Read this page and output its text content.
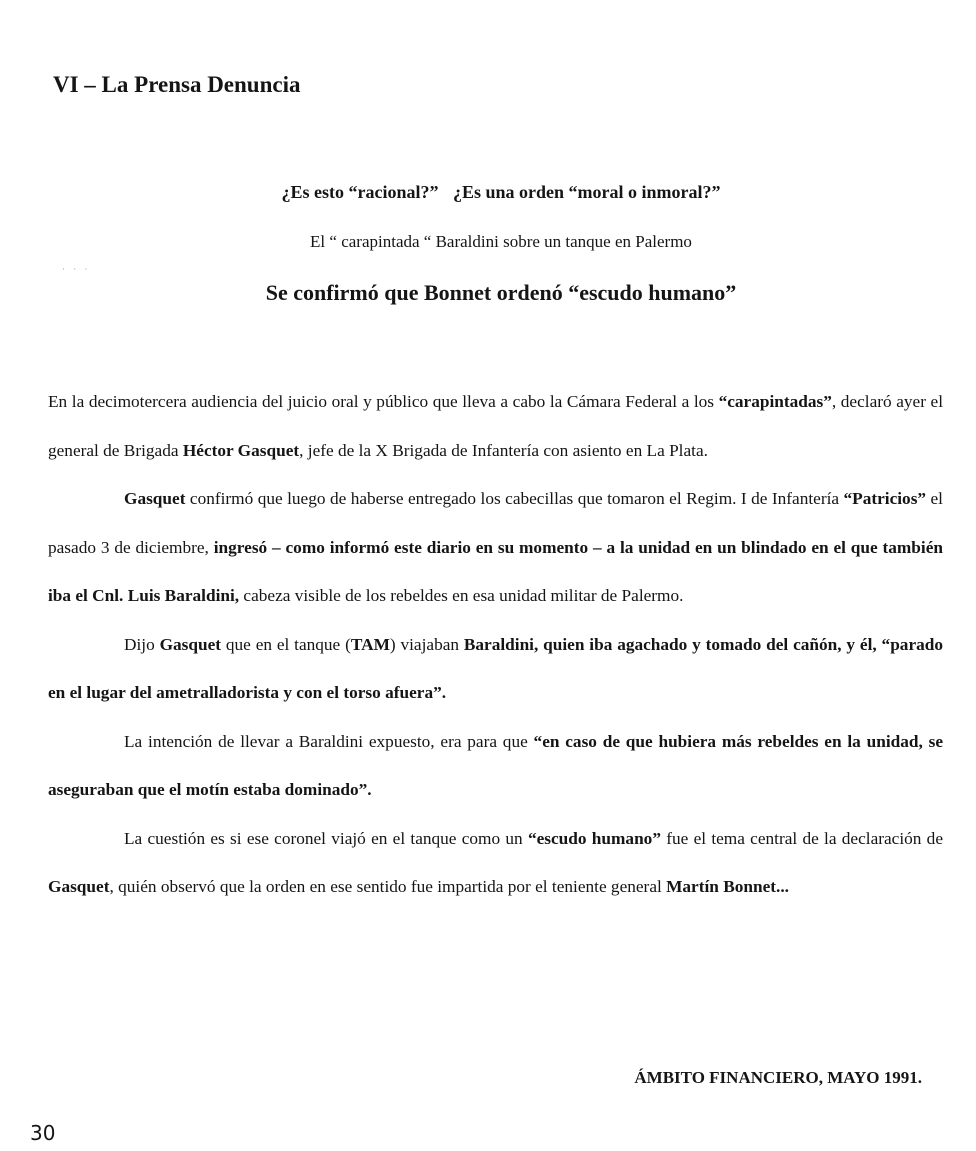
VI – La Prensa Denuncia
· · ·

¿Es esto “racional?” ¿Es una orden “moral o inmoral?”

El “ carapintada “ Baraldini sobre un tanque en Palermo

Se confirmó que Bonnet ordenó “escudo humano”

En la decimotercera audiencia del juicio oral y público que lleva a cabo la Cámara Federal a los “carapintadas”, declaró ayer el general de Brigada Héctor Gasquet, jefe de la X Brigada de Infantería con asiento en La Plata.

Gasquet confirmó que luego de haberse entregado los cabecillas que tomaron el Regim. I de Infantería “Patricios” el pasado 3 de diciembre, ingresó – como informó este diario en su momento – a la unidad en un blindado en el que también iba el Cnl. Luis Baraldini, cabeza visible de los rebeldes en esa unidad militar de Palermo.

Dijo Gasquet que en el tanque (TAM) viajaban Baraldini, quien iba agachado y tomado del cañón, y él, “parado en el lugar del ametralladorista y con el torso afuera”.

La intención de llevar a Baraldini expuesto, era para que “en caso de que hubiera más rebeldes en la unidad, se aseguraban que el motín estaba dominado”.

La cuestión es si ese coronel viajó en el tanque como un “escudo humano” fue el tema central de la declaración de Gasquet, quién observó que la orden en ese sentido fue impartida por el teniente general Martín Bonnet...

ÁMBITO FINANCIERO, MAYO 1991.

30
